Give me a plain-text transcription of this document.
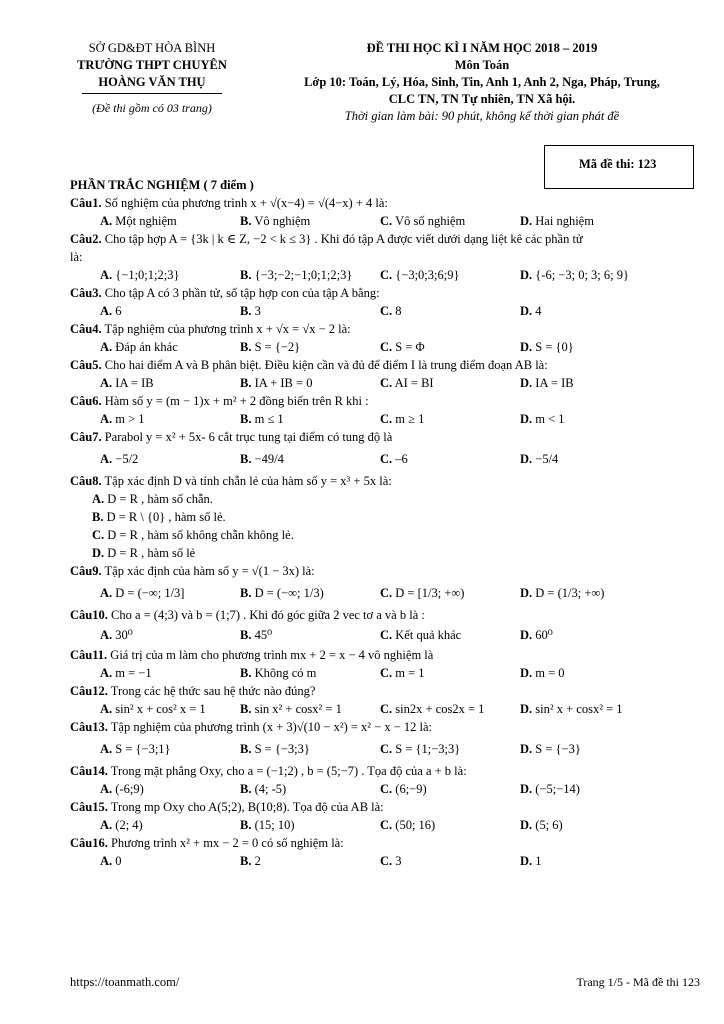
SỞ GD&ĐT HÒA BÌNH
TRƯỜNG THPT CHUYÊN
HOÀNG VĂN THỤ
(Đề thi gồm có 03 trang)
ĐỀ THI HỌC KÌ I NĂM HỌC 2018 – 2019
Môn Toán
Lớp 10: Toán, Lý, Hóa, Sinh, Tin, Anh 1, Anh 2, Nga, Pháp, Trung,
CLC TN, TN Tự nhiên, TN Xã hội.
Thời gian làm bài: 90 phút, không kể thời gian phát đề
Mã đề thi: 123
PHẦN TRẮC NGHIỆM ( 7 điểm )
Câu1. Số nghiệm của phương trình x + √(x−4) = √(4−x) + 4 là:
A. Một nghiệm	B. Vô nghiệm	C. Vô số nghiệm	D. Hai nghiệm
Câu2. Cho tập hợp A = {3k | k ∈ Z, −2 < k ≤ 3} . Khi đó tập A được viết dưới dạng liệt kê các phần tử
là:
A. {−1;0;1;2;3}	B. {−3;−2;−1;0;1;2;3}	C. {−3;0;3;6;9}	D. {-6; −3; 0; 3; 6; 9}
Câu3. Cho tập A có 3 phần tử, số tập hợp con của tập A bằng:
A. 6	B. 3	C. 8	D. 4
Câu4. Tập nghiệm của phương trình x + √x = √x − 2 là:
A. Đáp án khác	B. S = {−2}	C. S = Φ	D. S = {0}
Câu5. Cho hai điểm A và B phân biệt. Điều kiện cần và đủ để điểm I là trung điểm đoạn AB là:
A. IA = IB	B. IA + IB = 0	C. AI = BI	D. IA = IB
Câu6. Hàm số y = (m − 1)x + m² + 2 đồng biến trên R khi :
A. m > 1	B. m ≤ 1	C. m ≥ 1	D. m < 1
Câu7. Parabol y = x² + 5x- 6 cắt trục tung tại điểm có tung độ là
A. −5/2	B. −49/4	C. –6	D. −5/4
Câu8. Tập xác định D và tính chẵn lẻ của hàm số y = x³ + 5x là:
A. D = R , hàm số chẵn.
B. D = R \ {0} , hàm số lẻ.
C. D = R , hàm số không chẵn không lẻ.
D. D = R , hàm số lẻ
Câu9. Tập xác định của hàm số y = √(1 − 3x) là:
A. D = (−∞; 1/3]	B. D = (−∞; 1/3)	C. D = [1/3; +∞)	D. D = (1/3; +∞)
Câu10. Cho a = (4;3) và b = (1;7) . Khi đó góc giữa 2 vec tơ a và b là :
A. 30⁰	B. 45⁰	C. Kết quả khác	D. 60⁰
Câu11. Giá trị của m làm cho phương trình mx + 2 = x − 4 vô nghiệm là
A. m = −1	B. Không có m	C. m = 1	D. m = 0
Câu12. Trong các hệ thức sau hệ thức nào đúng?
A. sin² x + cos² x = 1	B. sin x² + cosx² = 1	C. sin2x + cos2x = 1	D. sin² x + cosx² = 1
Câu13. Tập nghiệm của phương trình (x + 3)√(10 − x²) = x² − x − 12 là:
A. S = {−3;1}	B. S = {−3;3}	C. S = {1;−3;3}	D. S = {−3}
Câu14. Trong mặt phẳng Oxy, cho a = (−1;2) , b = (5;−7) . Tọa độ của a + b là:
A. (-6;9)	B. (4; -5)	C. (6;−9)	D. (−5;−14)
Câu15. Trong mp Oxy cho A(5;2), B(10;8). Tọa độ của AB là:
A. (2; 4)	B. (15; 10)	C. (50; 16)	D. (5; 6)
Câu16. Phương trình x² + mx − 2 = 0 có số nghiệm là:
A. 0	B. 2	C. 3	D. 1
https://toanmath.com/	Trang 1/5 - Mã đề thi 123
